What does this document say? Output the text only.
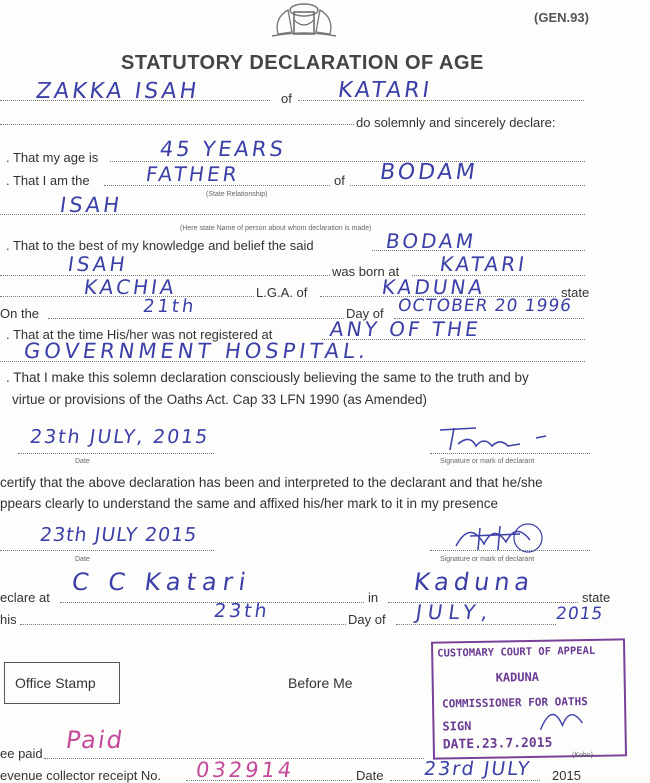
(GEN.93)
STATUTORY DECLARATION OF AGE
ZAKKA ISAH	of KATARI
do solemnly and sincerely declare:
. That my age is	45 YEARS
. That I am the	FATHER	of BODAM
(State Relationship)
ISAH
(Here state Name of person about whom declaration is made)
. That to the best of my knowledge and belief the said	BODAM
ISAH	was born at KATARI
KACHIA	L.G.A. of	KADUNA	state
On the	21th	Day of OCTOBER 20 1996
. That at the time His/her was not registered at	ANY OF THE
GOVERNMENT HOSPITAL.
. That I make this solemn declaration consciously believing the same to the truth and by
virtue or provisions of the Oaths Act. Cap 33 LFN 1990 (as Amended)
23th JULY, 2015
Date	Signature or mark of declarant
certify that the above declaration has been and interpreted to the declarant and that he/she
ppears clearly to understand the same and affixed his/her mark to it in my presence
23th JULY 2015
Date	Signature or mark of declarant
eclare at
C C Katari
in
Kaduna
state
his	23th	Day of JULY,	2015
Office Stamp	Before Me
CUSTOMARY COURT OF APPEAL
KADUNA
COMMISSIONER FOR OATHS
SIGN
DATE.23.7.2015
ee paid Paid
evenue collector receipt No. 032914	Date 23rd JULY 2015
(Kobo)
